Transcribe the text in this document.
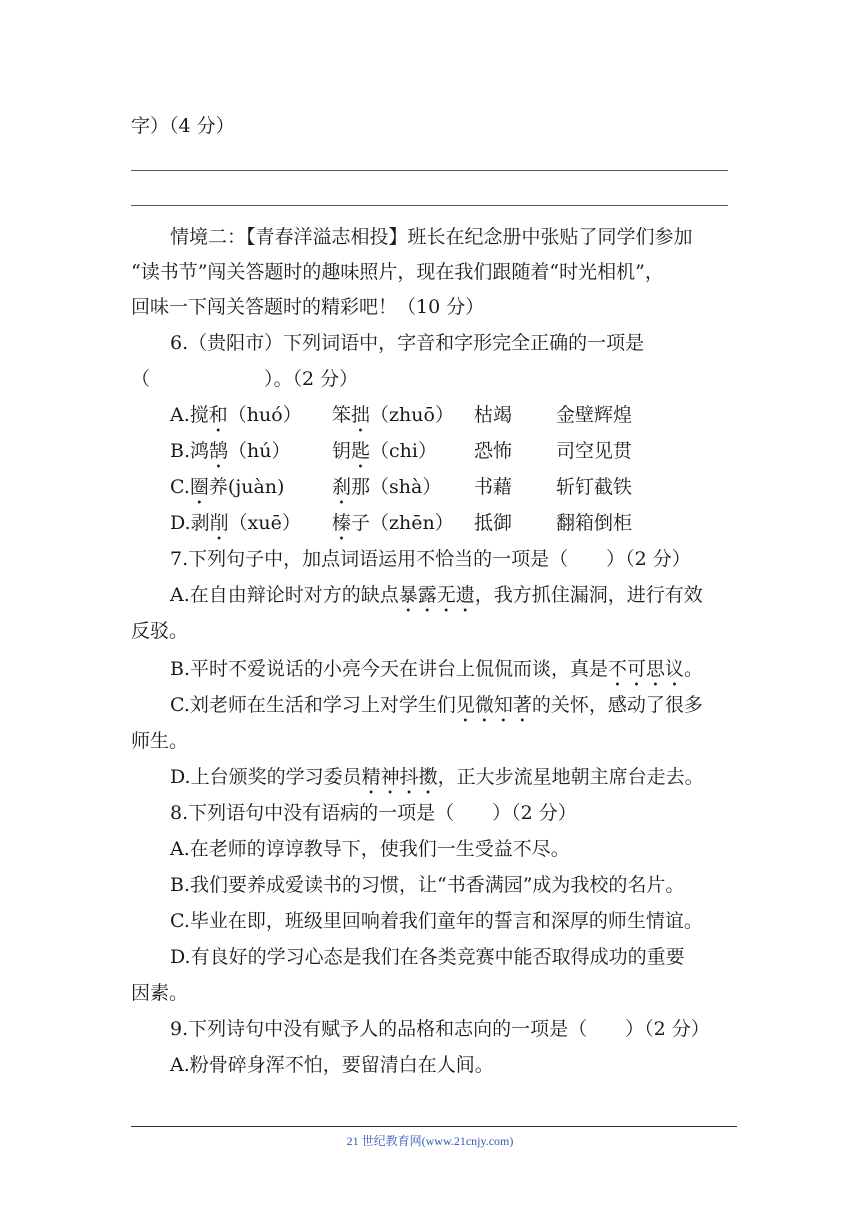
字）（4 分）
情境二：【青春洋溢志相投】班长在纪念册中张贴了同学们参加
“读书节”闯关答题时的趣味照片，现在我们跟随着“时光相机”，
回味一下闯关答题时的精彩吧！（10 分）
6.（贵阳市）下列词语中，字音和字形完全正确的一项是
（　　　　　　）。（2 分）
A.搅和（huó） 笨拙（zhuō） 枯竭 金壁辉煌
B.鸿鹄（hú） 钥匙（chi） 恐怖 司空见贯
C.圈养(juàn)	刹那（shà） 书藉 斩钉截铁
D.剥削（xuē） 榛子（zhēn） 抵御 翻箱倒柜
7.下列句子中，加点词语运用不恰当的一项是（　　）（2 分）
A.在自由辩论时对方的缺点暴露无遗，我方抓住漏洞，进行有效
反驳。
B.平时不爱说话的小亮今天在讲台上侃侃而谈，真是不可思议。
C.刘老师在生活和学习上对学生们见微知著的关怀，感动了很多
师生。
D.上台颁奖的学习委员精神抖擞，正大步流星地朝主席台走去。
8.下列语句中没有语病的一项是（　　）（2 分）
A.在老师的谆谆教导下，使我们一生受益不尽。
B.我们要养成爱读书的习惯，让“书香满园”成为我校的名片。
C.毕业在即，班级里回响着我们童年的誓言和深厚的师生情谊。
D.有良好的学习心态是我们在各类竞赛中能否取得成功的重要
因素。
9.下列诗句中没有赋予人的品格和志向的一项是（　　）（2 分）
A.粉骨碎身浑不怕，要留清白在人间。
21 世纪教育网(www.21cnjy.com)
